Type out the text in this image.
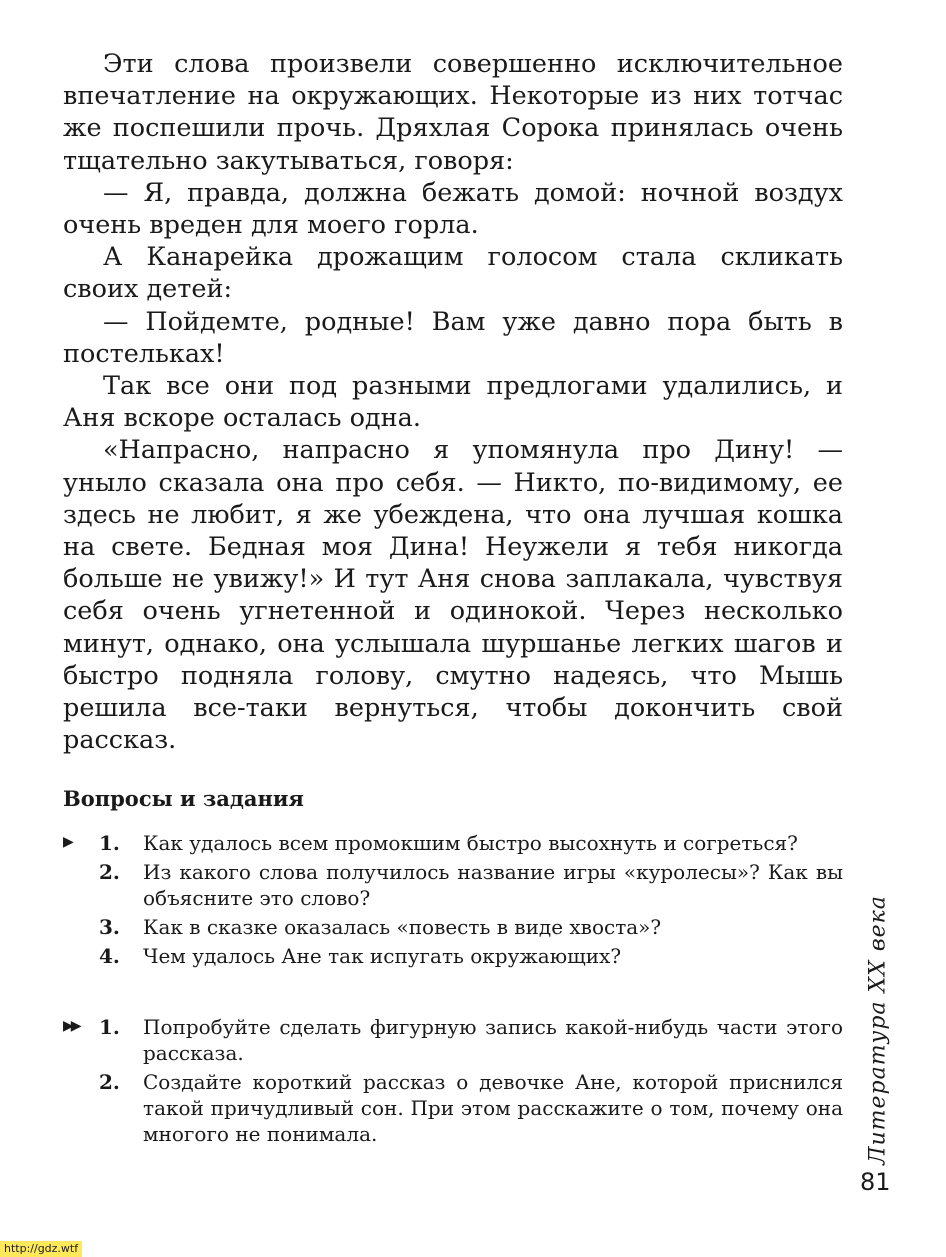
Эти слова произвели совершенно исключительное впечатление на окружающих. Некоторые из них тотчас же поспешили прочь. Дряхлая Сорока принялась очень тщательно закутываться, говоря:

— Я, правда, должна бежать домой: ночной воздух очень вреден для моего горла.

А Канарейка дрожащим голосом стала скликать своих детей:

— Пойдемте, родные! Вам уже давно пора быть в постельках!

Так все они под разными предлогами удалились, и Аня вскоре осталась одна.

«Напрасно, напрасно я упомянула про Дину! — уныло сказала она про себя. — Никто, по-видимому, ее здесь не любит, я же убеждена, что она лучшая кошка на свете. Бедная моя Дина! Неужели я тебя никогда больше не увижу!» И тут Аня снова заплакала, чувствуя себя очень угнетенной и одинокой. Через несколько минут, однако, она услышала шуршанье легких шагов и быстро подняла голову, смутно надеясь, что Мышь решила все-таки вернуться, чтобы докончить свой рассказ.

Вопросы и задания
▶ 1. Как удалось всем промокшим быстро высохнуть и согреться?
2. Из какого слова получилось название игры «куролесы»? Как вы объясните это слово?
3. Как в сказке оказалась «повесть в виде хвоста»?
4. Чем удалось Ане так испугать окружающих?
▶▶ 1. Попробуйте сделать фигурную запись какой-нибудь части этого рассказа.
2. Создайте короткий рассказ о девочке Ане, которой приснился такой причудливый сон. При этом расскажите о том, почему она многого не понимала.	Литература XX века
81
http://gdz.wtf
